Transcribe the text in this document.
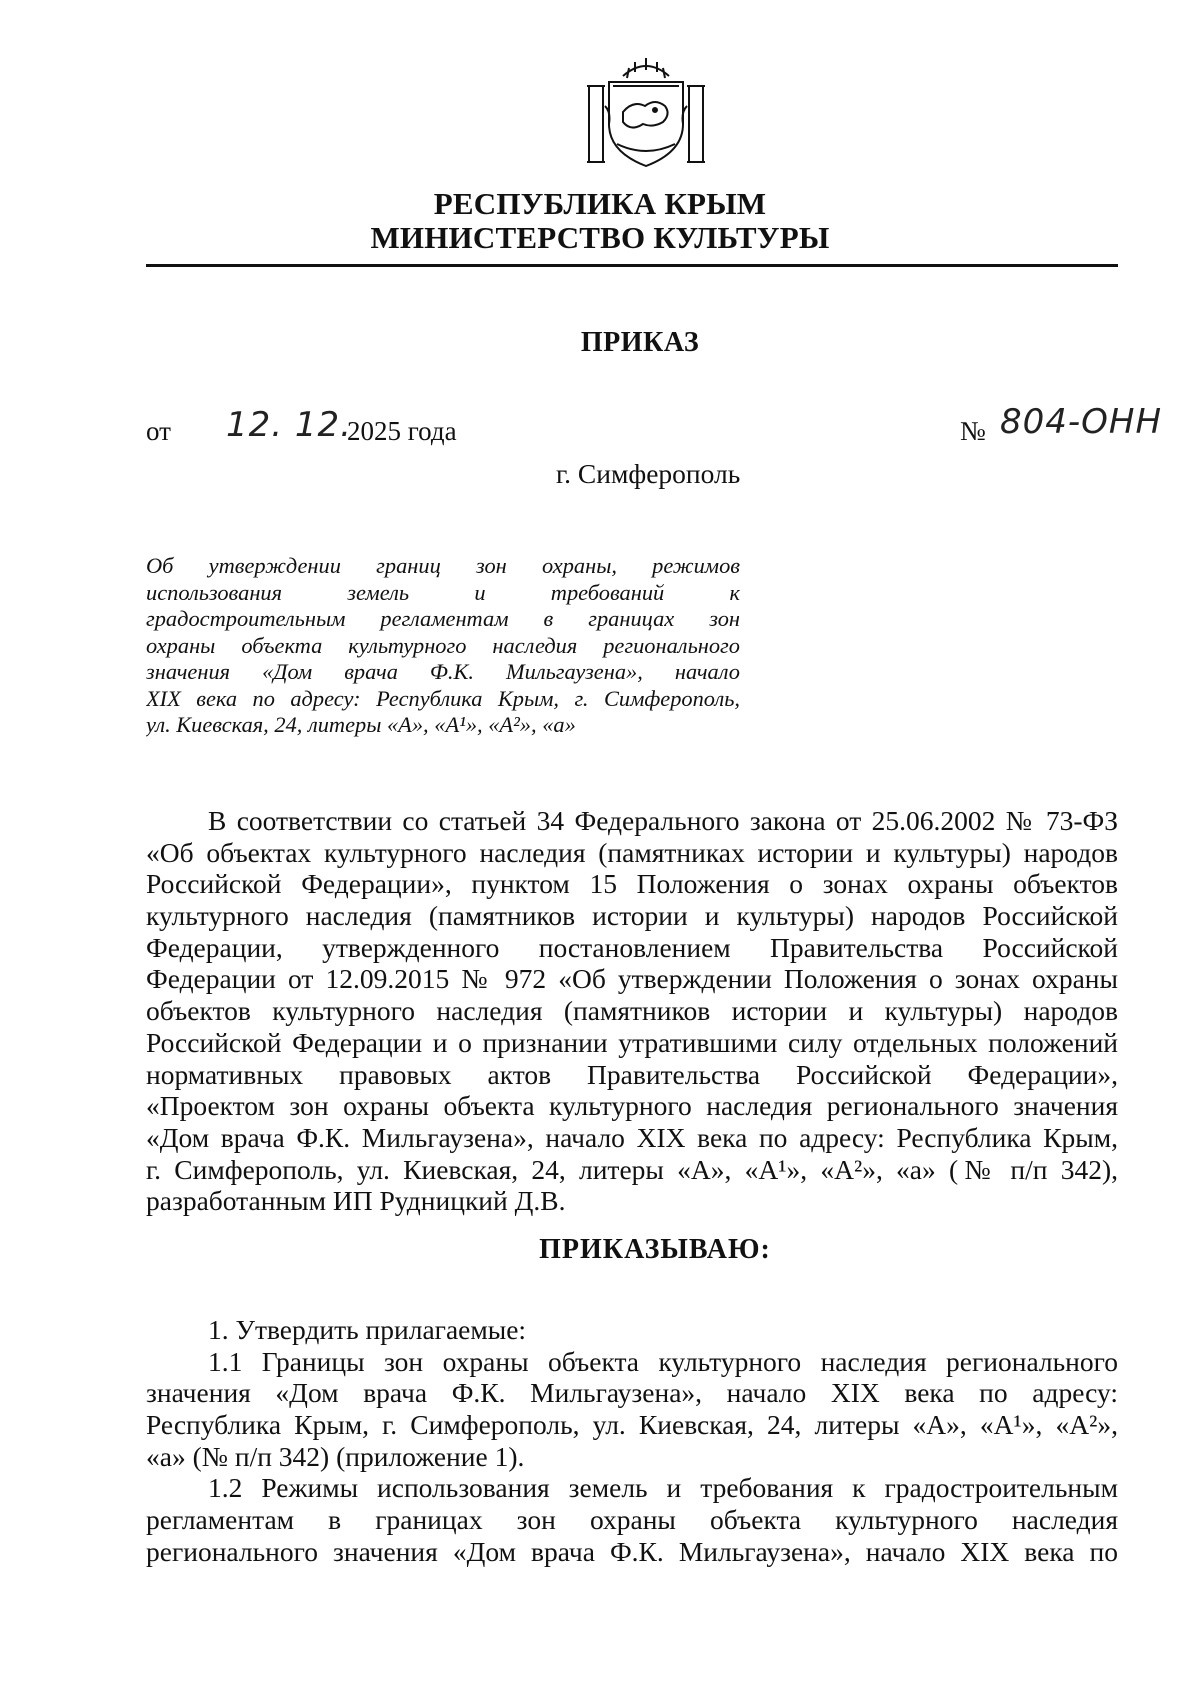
РЕСПУБЛИКА КРЫМ
МИНИСТЕРСТВО КУЛЬТУРЫ
ПРИКАЗ
от 12. 12.
2025 года	№ 804-ОНН
г. Симферополь
Об утверждении границ зон охраны, режимов
использования земель и требований к
градостроительным регламентам в границах зон
охраны объекта культурного наследия регионального
значения «Дом врача Ф.К. Мильгаузена», начало
XIX века по адресу: Республика Крым, г. Симферополь,
ул. Киевская, 24, литеры «А», «А¹», «А²», «а»
В соответствии со статьей 34 Федерального закона от 25.06.2002 № 73-ФЗ
«Об объектах культурного наследия (памятниках истории и культуры) народов
Российской Федерации», пунктом 15 Положения о зонах охраны объектов
культурного наследия (памятников истории и культуры) народов Российской
Федерации, утвержденного постановлением Правительства Российской
Федерации от 12.09.2015 № 972 «Об утверждении Положения о зонах охраны
объектов культурного наследия (памятников истории и культуры) народов
Российской Федерации и о признании утратившими силу отдельных положений
нормативных правовых актов Правительства Российской Федерации»,
«Проектом зон охраны объекта культурного наследия регионального значения
«Дом врача Ф.К. Мильгаузена», начало XIX века по адресу: Республика Крым,
г. Симферополь, ул. Киевская, 24, литеры «А», «А¹», «А²», «а» (№ п/п 342),
разработанным ИП Рудницкий Д.В.
ПРИКАЗЫВАЮ:
1. Утвердить прилагаемые:
1.1 Границы зон охраны объекта культурного наследия регионального
значения «Дом врача Ф.К. Мильгаузена», начало XIX века по адресу:
Республика Крым, г. Симферополь, ул. Киевская, 24, литеры «А», «А¹», «А²»,
«а» (№ п/п 342) (приложение 1).
1.2 Режимы использования земель и требования к градостроительным
регламентам в границах зон охраны объекта культурного наследия
регионального значения «Дом врача Ф.К. Мильгаузена», начало XIX века по
